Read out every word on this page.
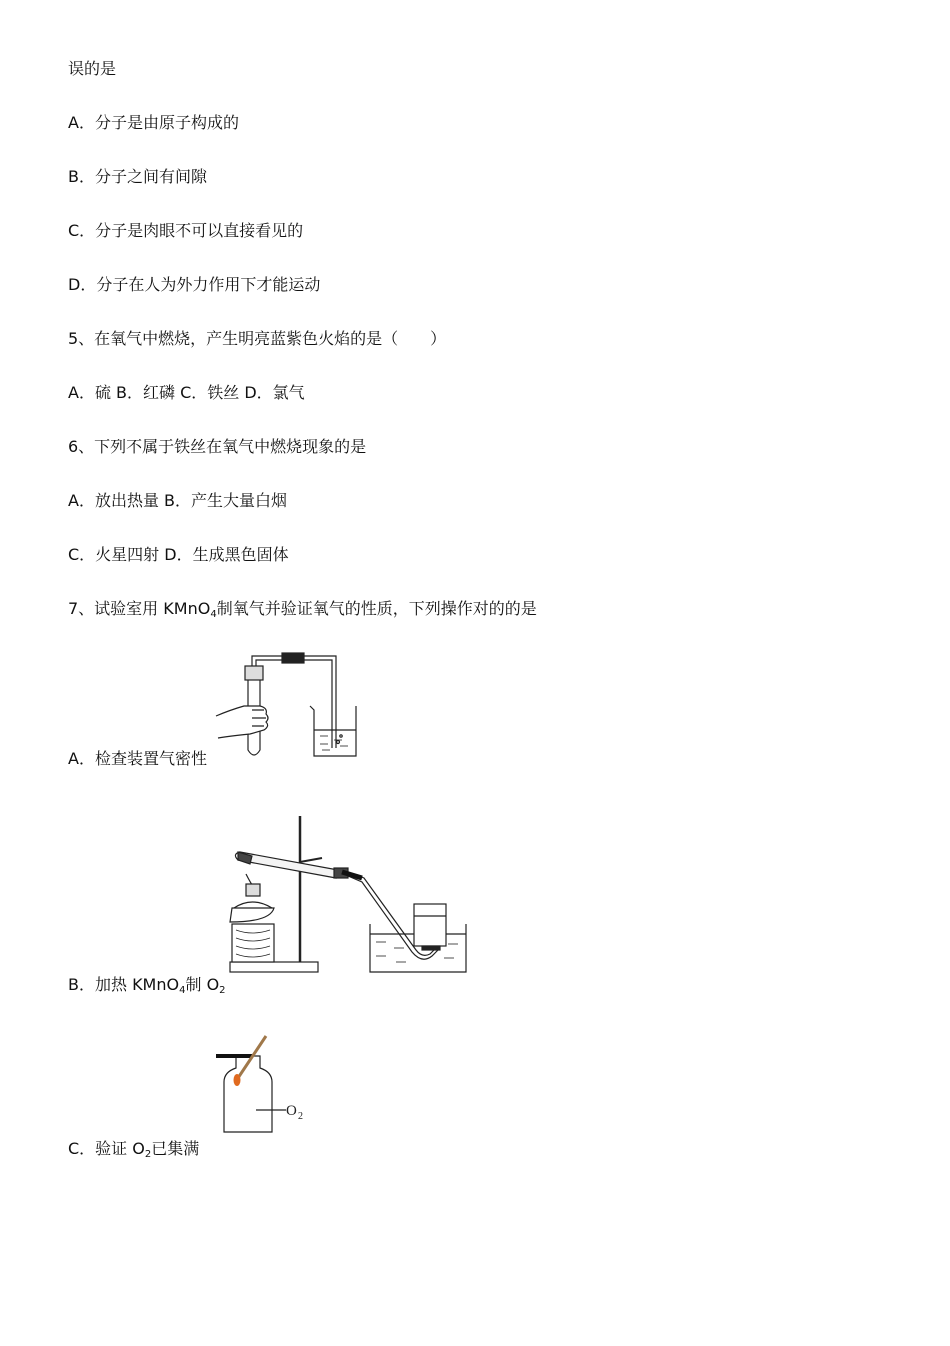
误的是
A．分子是由原子构成的
B．分子之间有间隙
C．分子是肉眼不可以直接看见的
D．分子在人为外力作用下才能运动
5、在氧气中燃烧，产生明亮蓝紫色火焰的是（　　）
A．硫 B．红磷 C．铁丝 D．氯气
6、下列不属于铁丝在氧气中燃烧现象的是
A．放出热量 B．产生大量白烟
C．火星四射 D．生成黑色固体
7、试验室用 KMnO4制氧气并验证氧气的性质，下列操作对的的是
A．检查装置气密性
B．加热 KMnO4制 O2
O 2
C．验证 O2已集满
